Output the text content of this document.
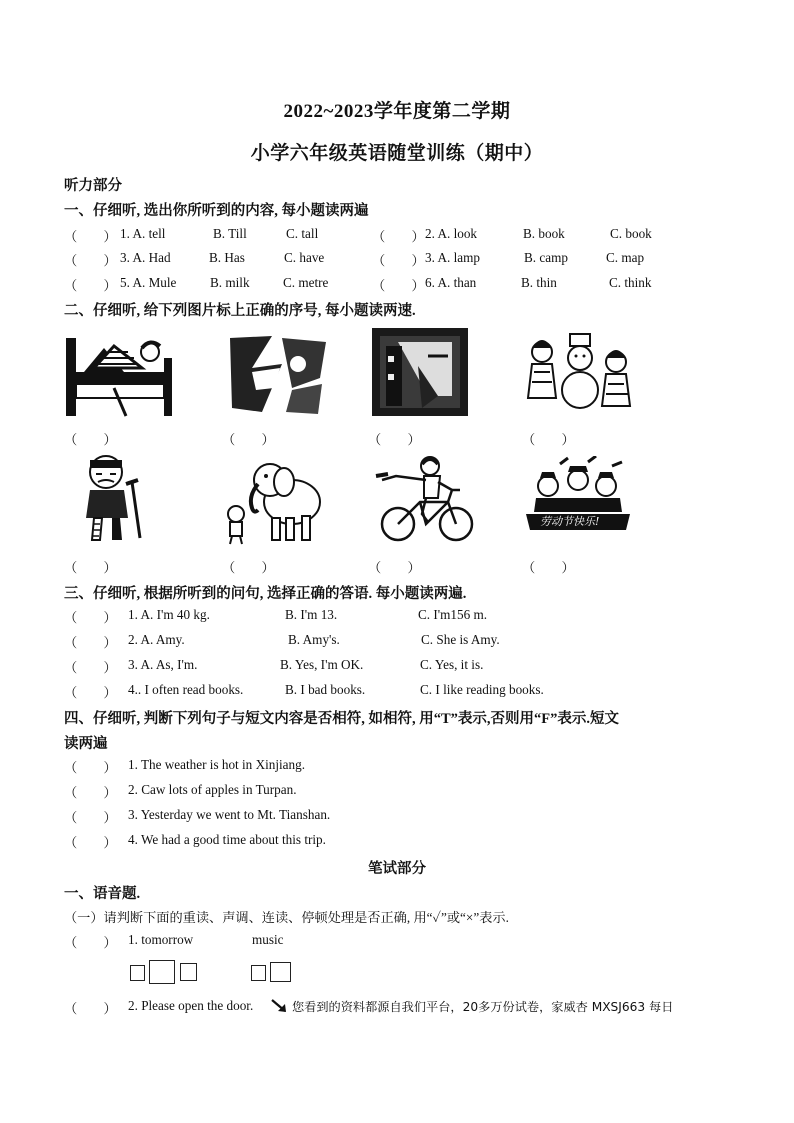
2022~2023学年度第二学期
小学六年级英语随堂训练（期中）
听力部分
一、仔细听, 选出你所听到的内容, 每小题读两遍
（　　） 1. A. tell	B. Till	C. tall	（　　） 2. A. look	B. book	C. book
（　　） 3. A. Had	B. Has	C. have	（　　） 3. A. lamp	B. camp	C. map
（　　） 5. A. Mule	B. milk	C. metre	（　　） 6. A. than	B. thin	C. think
二、仔细听, 给下列图片标上正确的序号, 每小题读两速.
（　　）	（　　）	（　　）	（　　）
（　　）	（　　）	（　　）
劳动节快乐!
（　　）
三、仔细听, 根据所听到的问句, 选择正确的答语. 每小题读两遍.
（　　） 1. A. I'm 40 kg.	B. I'm 13.	C. I'm156 m.
（　　） 2. A. Amy.	B. Amy's.	C. She is Amy.
（　　） 3. A. As, I'm.	B. Yes, I'm OK.	C. Yes, it is.
（　　） 4.. I often read books.	B. I bad books.	C. I like reading books.
四、仔细听, 判断下列句子与短文内容是否相符, 如相符, 用“T”表示,否则用“F”表示.短文
读两遍
（　　） 1. The weather is hot in Xinjiang.
（　　） 2. Caw lots of apples in Turpan.
（　　） 3. Yesterday we went to Mt. Tianshan.
（　　） 4. We had a good time about this trip.
笔试部分
一、语音题.
（一）请判断下面的重读、声调、连读、停顿处理是否正确, 用“✓”或“×”表示.
（　　） 1. tomorrow	music
（　　） 2. Please open the door.	您看到的资料都源自我们平台，20多万份试卷，家威杏 MXSJ663 每日
